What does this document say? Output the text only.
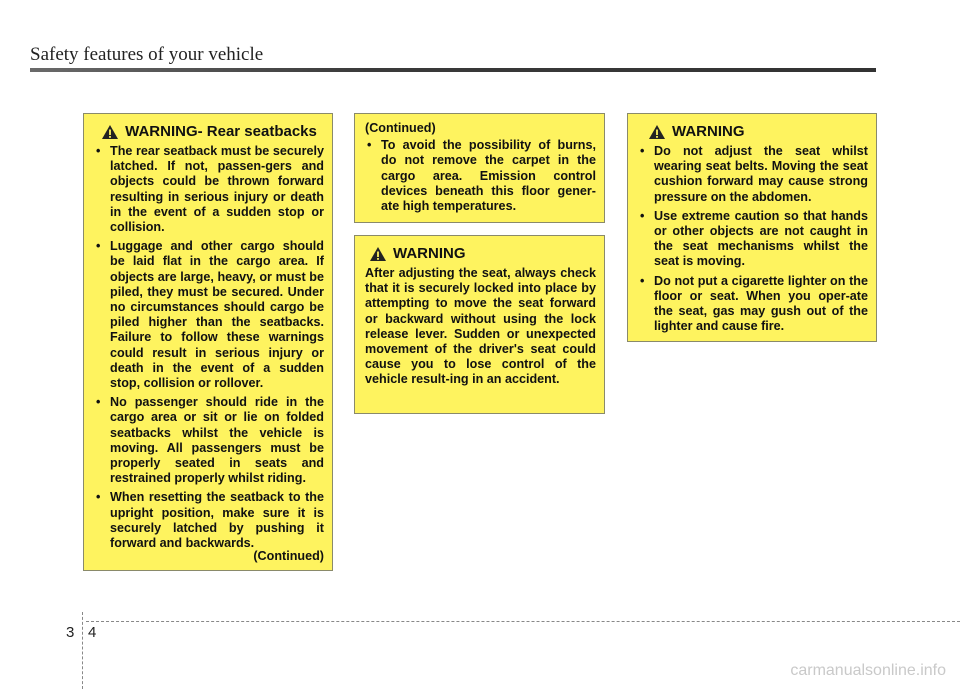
Safety features of your vehicle
WARNING - Rear seatbacks
• The rear seatback must be securely latched. If not, passen-gers and objects could be thrown forward resulting in serious injury or death in the event of a sudden stop or collision.
• Luggage and other cargo should be laid flat in the cargo area. If objects are large, heavy, or must be piled, they must be secured. Under no circumstances should cargo be piled higher than the seatbacks. Failure to follow these warnings could result in serious injury or death in the event of a sudden stop, collision or rollover.
• No passenger should ride in the cargo area or sit or lie on folded seatbacks whilst the vehicle is moving. All passengers must be properly seated in seats and restrained properly whilst riding.
• When resetting the seatback to the upright position, make sure it is securely latched by pushing it forward and backwards.
(Continued)
(Continued)
• To avoid the possibility of burns, do not remove the carpet in the cargo area. Emission control devices beneath this floor gener-ate high temperatures.
WARNING
After adjusting the seat, always check that it is securely locked into place by attempting to move the seat forward or backward without using the lock release lever. Sudden or unexpected movement of the driver's seat could cause you to lose control of the vehicle result-ing in an accident.
WARNING
• Do not adjust the seat whilst wearing seat belts. Moving the seat cushion forward may cause strong pressure on the abdomen.
• Use extreme caution so that hands or other objects are not caught in the seat mechanisms whilst the seat is moving.
• Do not put a cigarette lighter on the floor or seat. When you oper-ate the seat, gas may gush out of the lighter and cause fire.
3 4
carmanualsonline.info
